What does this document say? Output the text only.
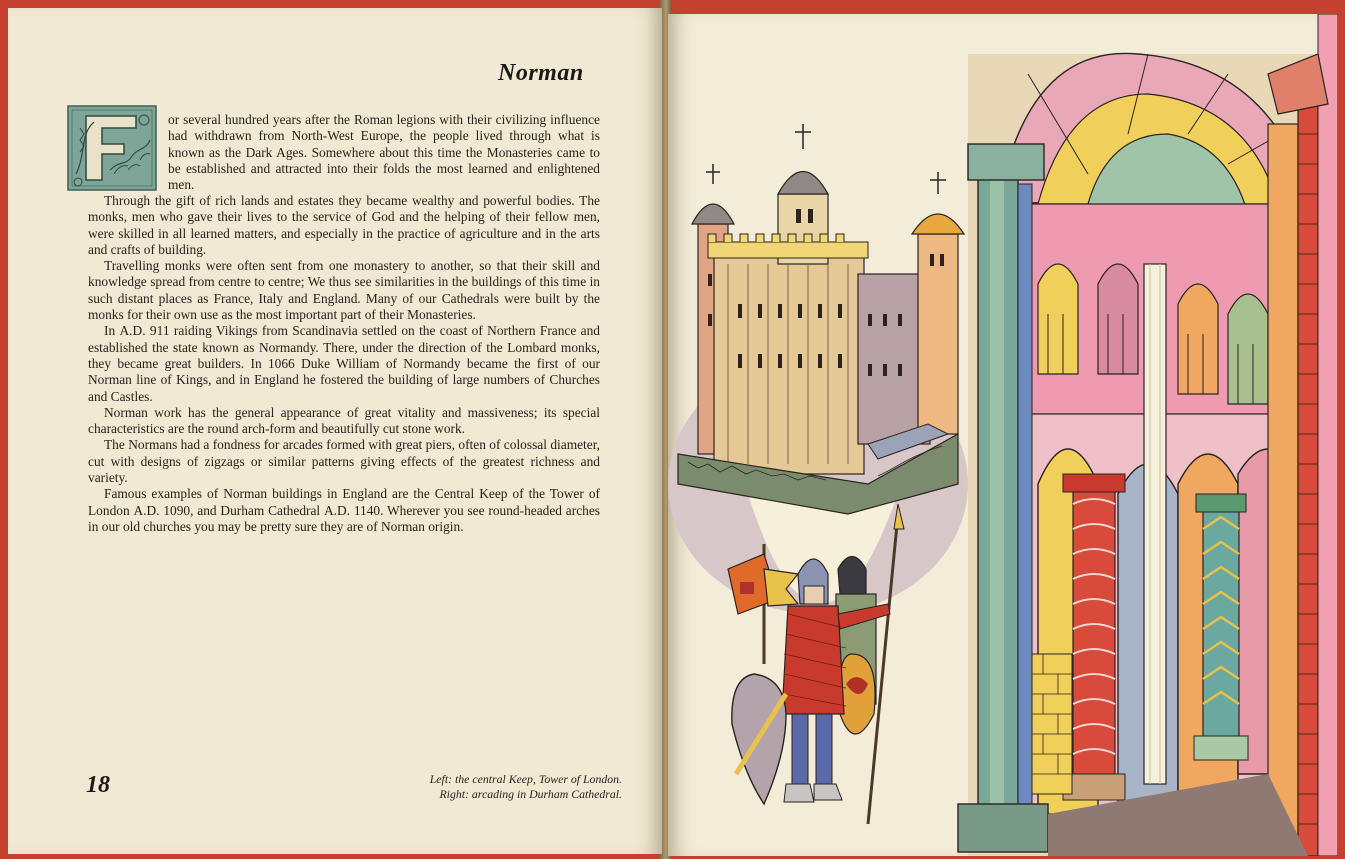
Norman

or several hundred years after the Roman legions with their civilizing influence had withdrawn from North-West Europe, the people lived through what is known as the Dark Ages. Somewhere about this time the Monasteries came to be established and attracted into their folds the most learned and enlightened men.

Through the gift of rich lands and estates they became wealthy and powerful bodies. The monks, men who gave their lives to the service of God and the helping of their fellow men, were skilled in all learned matters, and especially in the practice of agriculture and in the arts and crafts of building.

Travelling monks were often sent from one monastery to another, so that their skill and knowledge spread from centre to centre; We thus see similarities in the buildings of this time in such distant places as France, Italy and England. Many of our Cathedrals were built by the monks for their own use as the most important part of their Monasteries.

In A.D. 911 raiding Vikings from Scandinavia settled on the coast of Northern France and established the state known as Normandy. There, under the direction of the Lombard monks, they became great builders. In 1066 Duke William of Normandy became the first of our Norman line of Kings, and in England he fostered the building of large numbers of Churches and Castles.

Norman work has the general appearance of great vitality and massiveness; its special characteristics are the round arch-form and beautifully cut stone work.

The Normans had a fondness for arcades formed with great piers, often of colossal diameter, cut with designs of zigzags or similar patterns giving effects of the greatest richness and variety.

Famous examples of Norman buildings in England are the Central Keep of the Tower of London A.D. 1090, and Durham Cathedral A.D. 1140. Wherever you see round-headed arches in our old churches you may be pretty sure they are of Norman origin.

18	Left: the central Keep, Tower of London.
Right: arcading in Durham Cathedral.
